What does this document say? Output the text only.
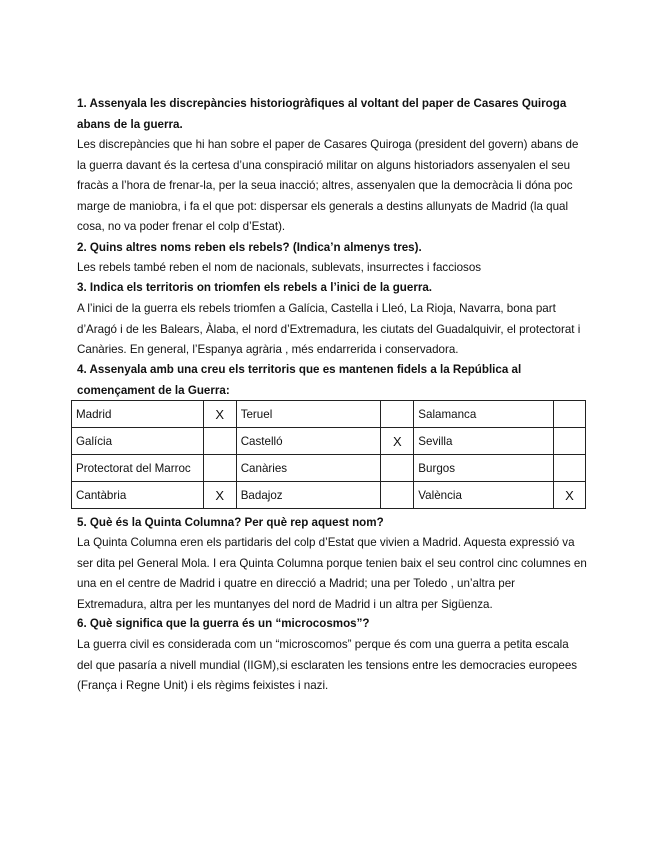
1. Assenyala les discrepàncies historiogràfiques al voltant del paper de Casares Quiroga abans de la guerra.
Les discrepàncies que hi han sobre el paper de Casares Quiroga (president del govern) abans de la guerra davant és la certesa d’una conspiració militar on alguns historiadors assenyalen el seu fracàs a l’hora de frenar-la, per la seua inacció; altres, assenyalen que la democràcia li dóna poc marge de maniobra, i fa el que pot: dispersar els generals a destins allunyats de Madrid (la qual cosa, no va poder frenar el colp d’Estat).
2. Quins altres noms reben els rebels? (Indica’n almenys tres).
Les rebels també reben el nom de nacionals, sublevats, insurrectes i facciosos
3. Indica els territoris on triomfen els rebels a l’inici de la guerra.
A l’inici de la guerra els rebels triomfen a Galícia, Castella i Lleó, La Rioja, Navarra, bona part d’Aragó i de les Balears, Àlaba, el nord d’Extremadura, les ciutats del Guadalquivir, el protectorat i Canàries. En general, l’Espanya agrària , més endarrerida i conservadora.
4. Assenyala amb una creu els territoris que es mantenen fidels a la República al començament de la Guerra:
Madrid	X	Teruel		Salamanca	
Galícia		Castelló	X	Sevilla	
Protectorat del Marroc		Canàries		Burgos	
Cantàbria	X	Badajoz		València	X
5. Què és la Quinta Columna? Per què rep aquest nom?
La Quinta Columna eren els partidaris del colp d’Estat que vivien a Madrid. Aquesta expressió va ser dita pel General Mola. I era Quinta Columna porque tenien baix el seu control cinc columnes en una en el centre de Madrid i quatre en direcció a Madrid; una per Toledo , un’altra per Extremadura, altra per les muntanyes del nord de Madrid i un altra per Sigüenza.
6. Què significa que la guerra és un “microcosmos”?
La guerra civil es considerada com un “microscomos” perque és com una guerra a petita escala del que pasaría a nivell mundial (IIGM),si esclaraten les tensions entre les democracies europees (França i Regne Unit) i els règims feixistes i nazi.
